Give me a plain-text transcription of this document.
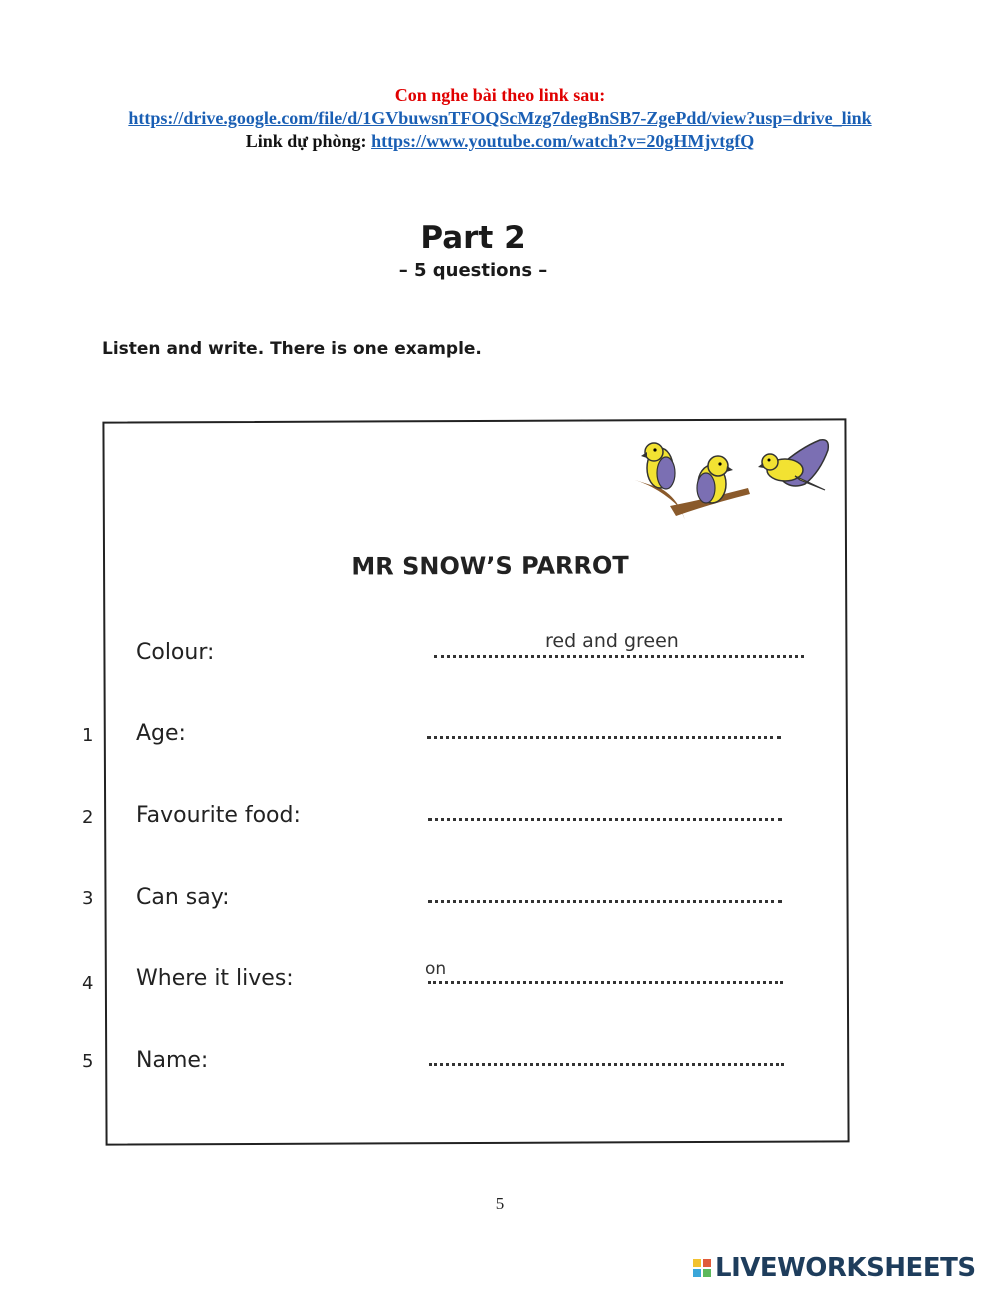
Con nghe bài theo link sau:
https://drive.google.com/file/d/1GVbuwsnTFOQScMzg7degBnSB7-ZgePdd/view?usp=drive_link
Link dự phòng: https://www.youtube.com/watch?v=20gHMjvtgfQ
Part 2
– 5 questions –
Listen and write. There is one example.
MR SNOW’S PARROT
Colour:	red and green
1 Age:
2 Favourite food:
3 Can say:
4 Where it lives:	on
5 Name:
5
LIVEWORKSHEETS
